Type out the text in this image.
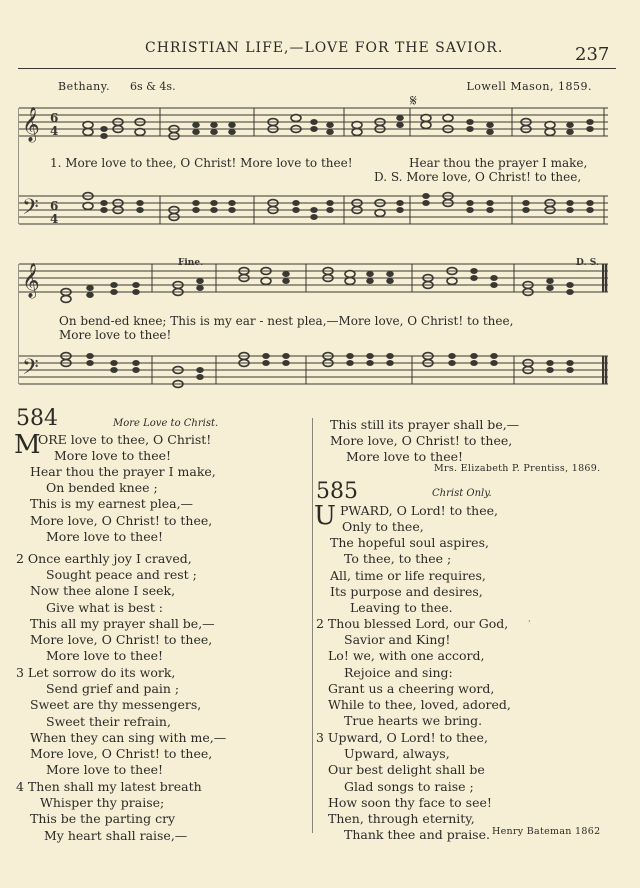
CHRISTIAN LIFE,—LOVE FOR THE SAVIOR.	237
Bethany. 6s & 4s.	Lowell Mason, 1859.
𝄞
𝄢
6
4
6
4
𝄋
1. More love to thee, O Christ! More love to thee!	Hear thou the prayer I make,
D. S. More love, O Christ! to thee,
𝄞
𝄢
Fine.	D. S.
On bend-ed knee; This is my ear - nest plea,—More love, O Christ! to thee,
More love to thee!
584	More Love to Christ.
M
ORE love to thee, O Christ!
More love to thee!
Hear thou the prayer I make,
On bended knee ;
This is my earnest plea,—
More love, O Christ! to thee,
More love to thee!
2 Once earthly joy I craved,
Sought peace and rest ;
Now thee alone I seek,
Give what is best :
This all my prayer shall be,—
More love, O Christ! to thee,
More love to thee!
3 Let sorrow do its work,
Send grief and pain ;
Sweet are thy messengers,
Sweet their refrain,
When they can sing with me,—
More love, O Christ! to thee,
More love to thee!
4 Then shall my latest breath
Whisper thy praise;
This be the parting cry
My heart shall raise,—
This still its prayer shall be,—
More love, O Christ! to thee,
More love to thee!
Mrs. Elizabeth P. Prentiss, 1869.
585	Christ Only.
U PWARD, O Lord! to thee,
Only to thee,
The hopeful soul aspires,
To thee, to thee ;
All, time or life requires,
Its purpose and desires,
Leaving to thee.
2 Thou blessed Lord, our God,
Savior and King!
Lo! we, with one accord,
Rejoice and sing:
Grant us a cheering word,
While to thee, loved, adored,
True hearts we bring.
·
3 Upward, O Lord! to thee,
Upward, always,
Our best delight shall be
Glad songs to raise ;
How soon thy face to see!
Then, through eternity,
Thank thee and praise. Henry Bateman 1862
